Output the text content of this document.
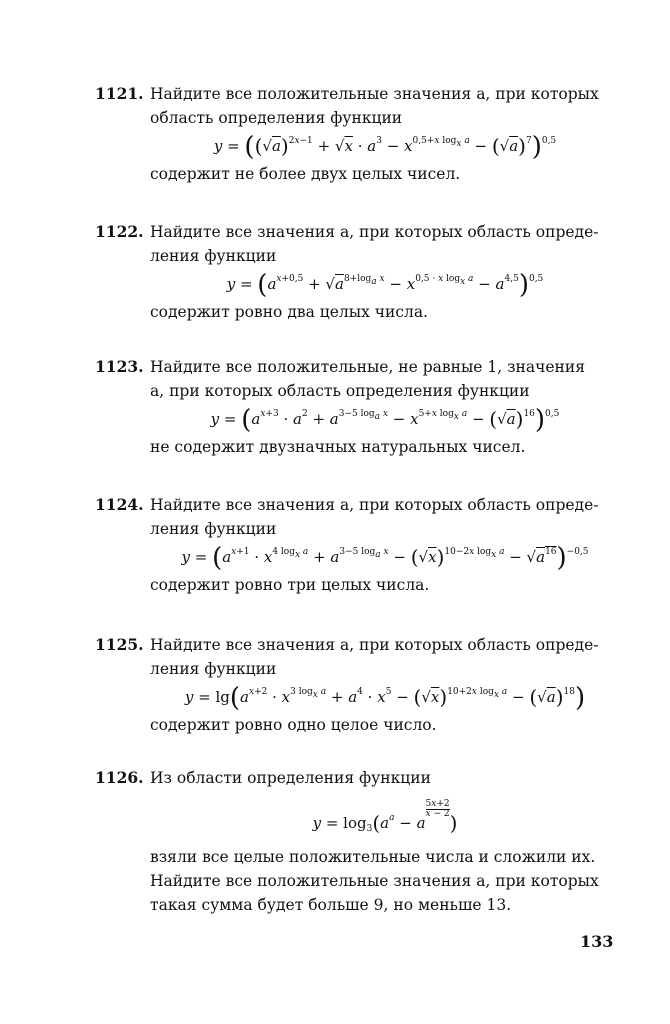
1121. Найдите все положительные значения a, при которых
область определения функции
$y = ((√a)^{2x-1} + √x \cdot a^3 - x^{0,5+x log_x a} - (√a)^7)^{0,5}$
содержит не более двух целых чисел.
1122. Найдите все значения a, при которых область опреде-
ления функции
$y = (a^{x+0,5} + √a^{8+log_a x} - x^{0,5 \cdot x log_x a} - a^{4,5})^{0,5}$
содержит ровно два целых числа.
1123. Найдите все положительные, не равные 1, значения
a, при которых область определения функции
$y = (a^{x+3} \cdot a^2 + a^{3-5 log_a x} - x^{5+x log_x a} - (√a)^{16})^{0,5}$
не содержит двузначных натуральных чисел.
1124. Найдите все значения a, при которых область опреде-
ления функции
$y = (a^{x+1} \cdot x^{4 log_x a} + a^{3-5 log_a x} - (√x)^{10-2x log_x a} - √a^{16})^{-0,5}$
содержит ровно три целых числа.
1125. Найдите все значения a, при которых область опреде-
ления функции
$y = \lg(a^{x+2} \cdot x^{3 log_x a} + a^4 \cdot x^5 - (√x)^{10+2x log_x a} - (√a)^{18})$
содержит ровно одно целое число.
1126. Из области определения функции
$y = \log_3(a^a - a$
$^{\frac{5x+2}{x - 2}}$
)
взяли все целые положительные числа и сложили их.
Найдите все положительные значения a, при которых
такая сумма будет больше 9, но меньше 13.
133
